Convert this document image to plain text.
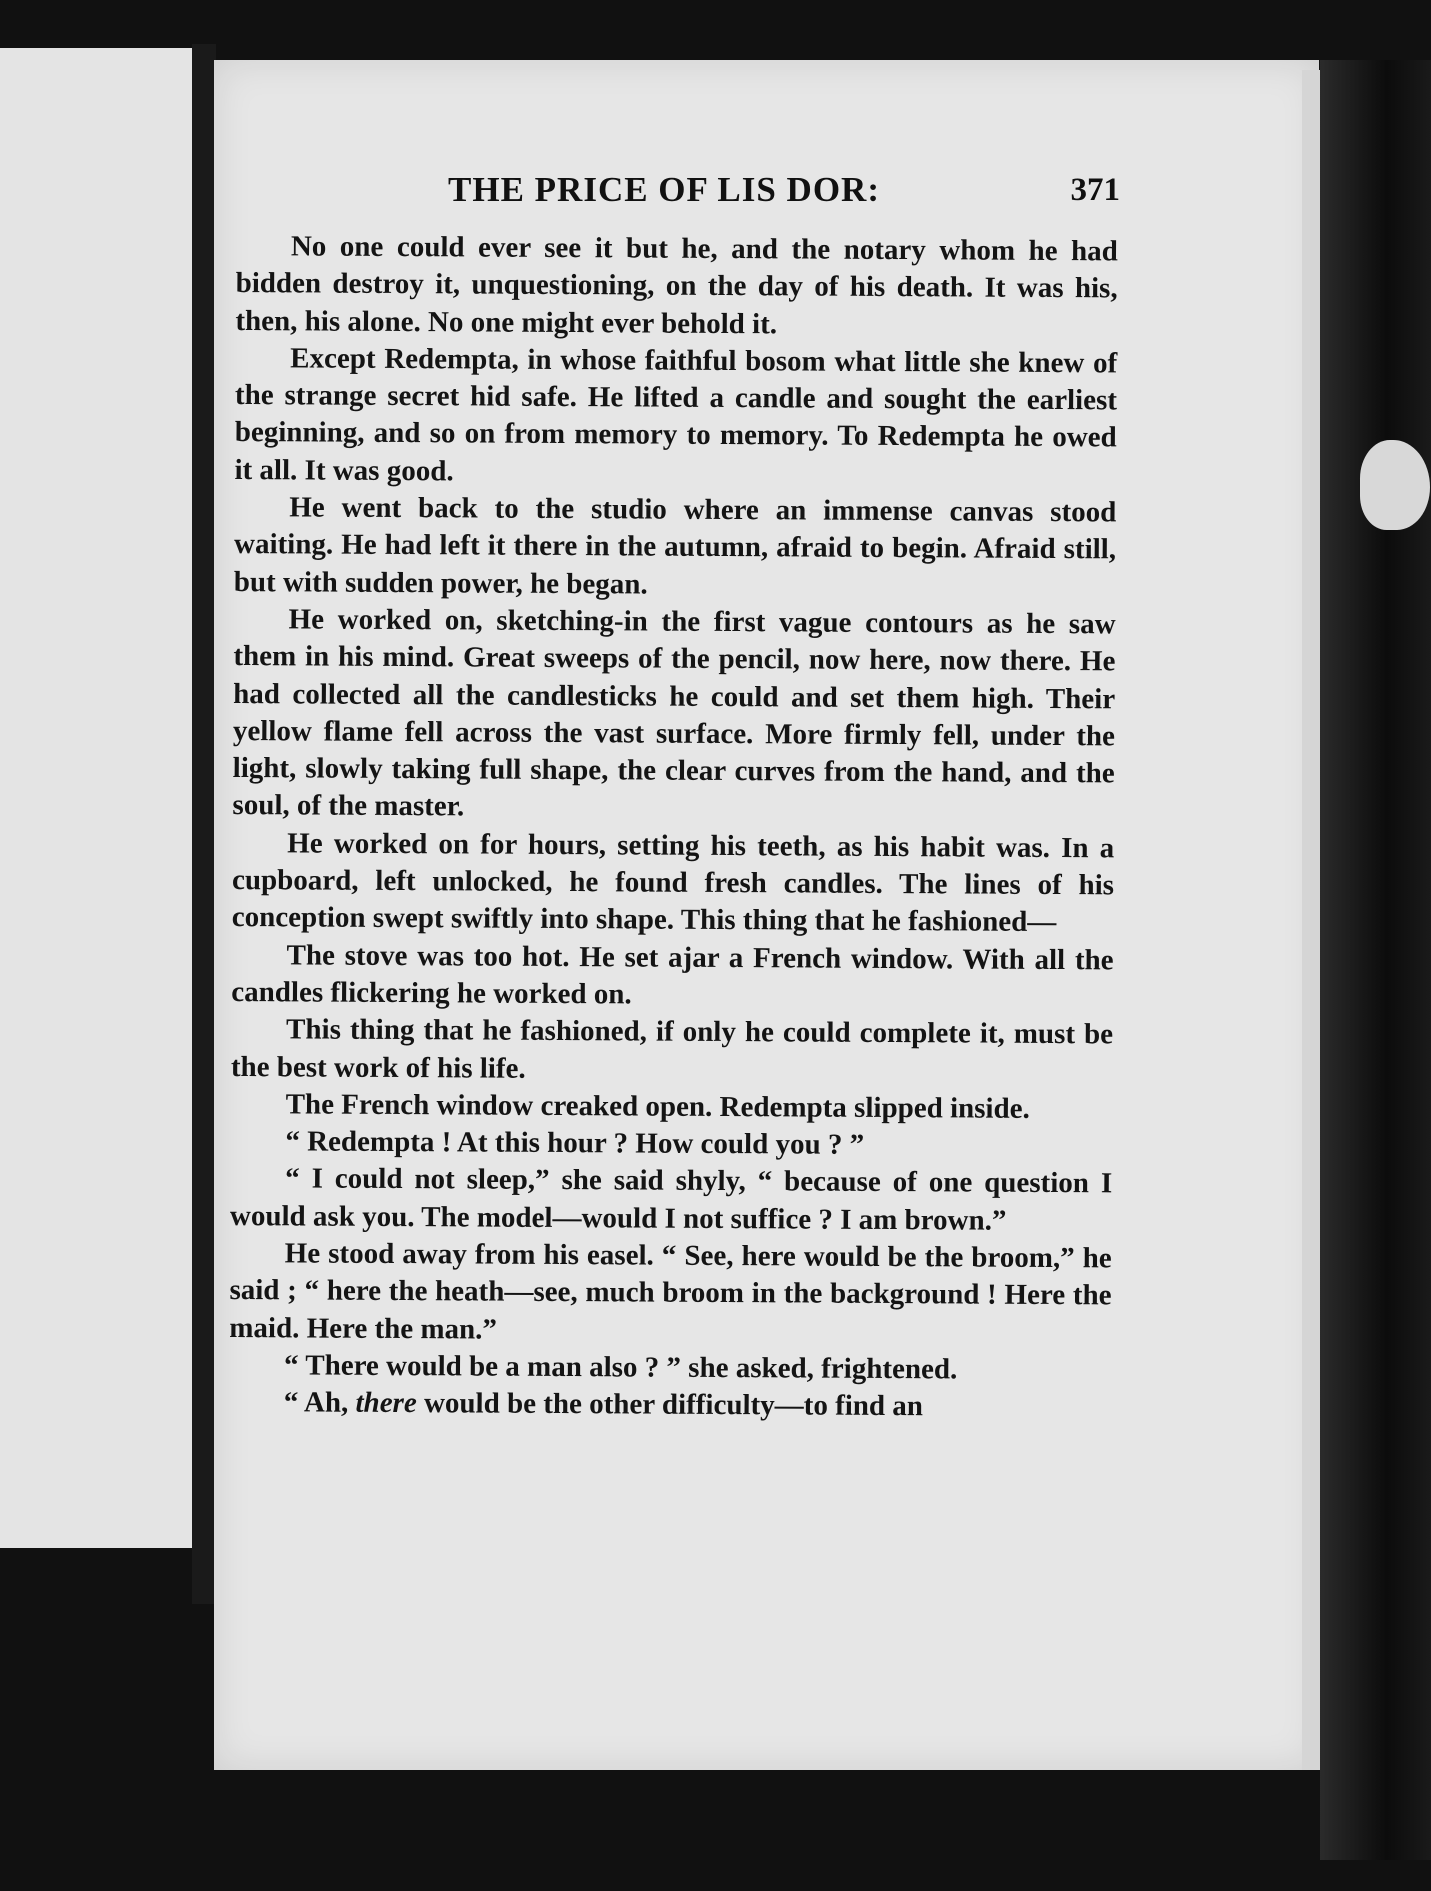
THE PRICE OF LIS DOR:	371

No one could ever see it but he, and the notary whom he had bidden destroy it, unquestioning, on the day of his death. It was his, then, his alone. No one might ever behold it.

Except Redempta, in whose faithful bosom what little she knew of the strange secret hid safe. He lifted a candle and sought the earliest beginning, and so on from memory to memory. To Redempta he owed it all. It was good.

He went back to the studio where an immense canvas stood waiting. He had left it there in the autumn, afraid to begin. Afraid still, but with sudden power, he began.

He worked on, sketching-in the first vague contours as he saw them in his mind. Great sweeps of the pencil, now here, now there. He had collected all the candlesticks he could and set them high. Their yellow flame fell across the vast surface. More firmly fell, under the light, slowly taking full shape, the clear curves from the hand, and the soul, of the master.

He worked on for hours, setting his teeth, as his habit was. In a cupboard, left unlocked, he found fresh candles. The lines of his conception swept swiftly into shape. This thing that he fashioned—

The stove was too hot. He set ajar a French window. With all the candles flickering he worked on.

This thing that he fashioned, if only he could complete it, must be the best work of his life.

The French window creaked open. Redempta slipped inside.

“ Redempta ! At this hour ? How could you ? ”

“ I could not sleep,” she said shyly, “ because of one question I would ask you. The model—would I not suffice ? I am brown.”

He stood away from his easel. “ See, here would be the broom,” he said ; “ here the heath—see, much broom in the background ! Here the maid. Here the man.”

“ There would be a man also ? ” she asked, frightened.

“ Ah, there would be the other difficulty—to find an
